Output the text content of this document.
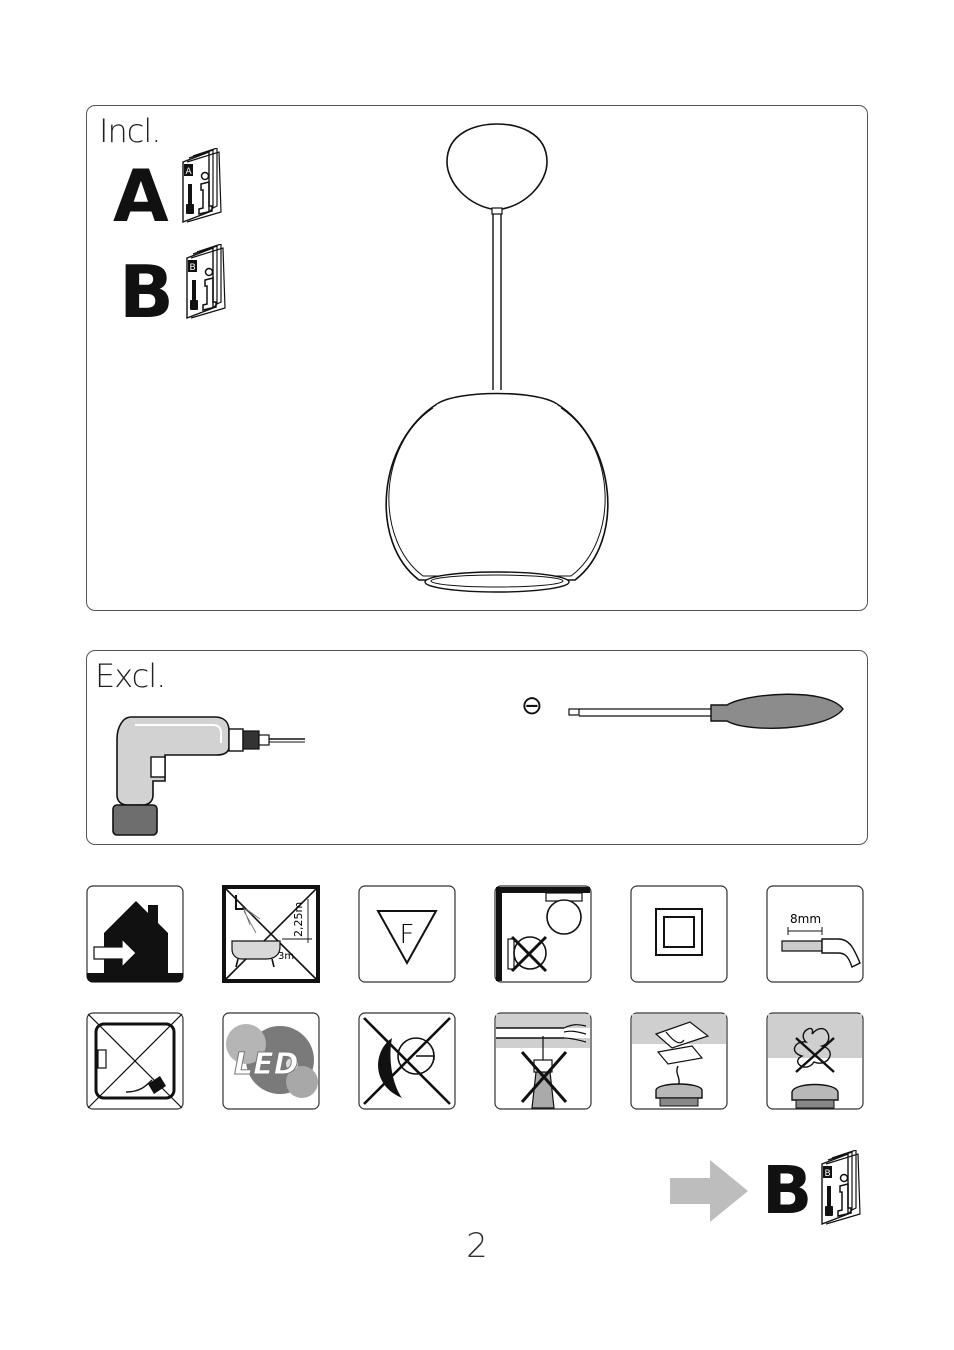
Incl.
A A
B B
Excl.
⊖
2,25m
3m
F
8mm
LED
B B
2
